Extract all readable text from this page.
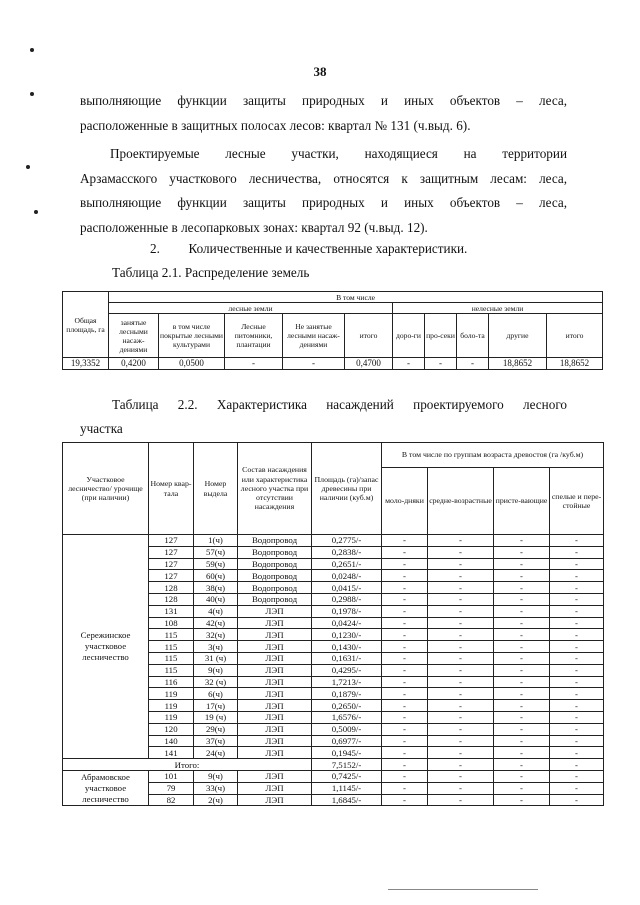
38
выполняющие функции защиты природных и иных объектов – леса,
расположенные в защитных полосах лесов: квартал № 131 (ч.выд. 6).
Проектируемые лесные участки, находящиеся на территории
Арзамасского участкового лесничества, относятся к защитным лесам: леса,
выполняющие функции защиты природных и иных объектов – леса,
расположенные в лесопарковых зонах: квартал 92 (ч.выд. 12).
2. Количественные и качественные характеристики.
Таблица 2.1. Распределение земель
Общая площадь, га	В том числе									
	лесные земли					нелесные земли				
	занятые лесными насаж-дениями	в том числе покрытые лесными культурами	Лесные питомники, плантации	Не занятые лесными насаж-дениями	итого	доро-ги	про-секи	боло-та	другие	итого
19,3352	0,4200	0,0500	-	-	0,4700	-	-	-	18,8652	18,8652
Таблица 2.2. Характеристика насаждений проектируемого лесного
участка
Участковое лесничество/ урочище (при наличии)	Номер квар-тала	Номер выдела	Состав насаждения или характеристика лесного участка при отсутствии насаждения	Площадь (га)/запас древесины при наличии (куб.м)	В том числе по группам возраста древостоя (га /куб.м)			
					моло-дняки	средне-возрастные	присте-вающие	спелые и пере-стойные
Сережинское участковое лесничество	127	1(ч)	Водопровод	0,2775/-	-	-	-	-
	127	57(ч)	Водопровод	0,2838/-	-	-	-	-
	127	59(ч)	Водопровод	0,2651/-	-	-	-	-
	127	60(ч)	Водопровод	0,0248/-	-	-	-	-
	128	38(ч)	Водопровод	0,0415/-	-	-	-	-
	128	40(ч)	Водопровод	0,2988/-	-	-	-	-
	131	4(ч)	ЛЭП	0,1978/-	-	-	-	-
	108	42(ч)	ЛЭП	0,0424/-	-	-	-	-
	115	32(ч)	ЛЭП	0,1230/-	-	-	-	-
	115	3(ч)	ЛЭП	0,1430/-	-	-	-	-
	115	31 (ч)	ЛЭП	0,1631/-	-	-	-	-
	115	9(ч)	ЛЭП	0,4295/-	-	-	-	-
	116	32 (ч)	ЛЭП	1,7213/-	-	-	-	-
	119	6(ч)	ЛЭП	0,1879/-	-	-	-	-
	119	17(ч)	ЛЭП	0,2650/-	-	-	-	-
	119	19 (ч)	ЛЭП	1,6576/-	-	-	-	-
	120	29(ч)	ЛЭП	0,5009/-	-	-	-	-
	140	37(ч)	ЛЭП	0,6977/-	-	-	-	-
	141	24(ч)	ЛЭП	0,1945/-	-	-	-	-
Итого:				7,5152/-	-	-	-	-
Абрамовское участковое лесничество	101	9(ч)	ЛЭП	0,7425/-	-	-	-	-
	79	33(ч)	ЛЭП	1,1145/-	-	-	-	-
	82	2(ч)	ЛЭП	1,6845/-	-	-	-	-
